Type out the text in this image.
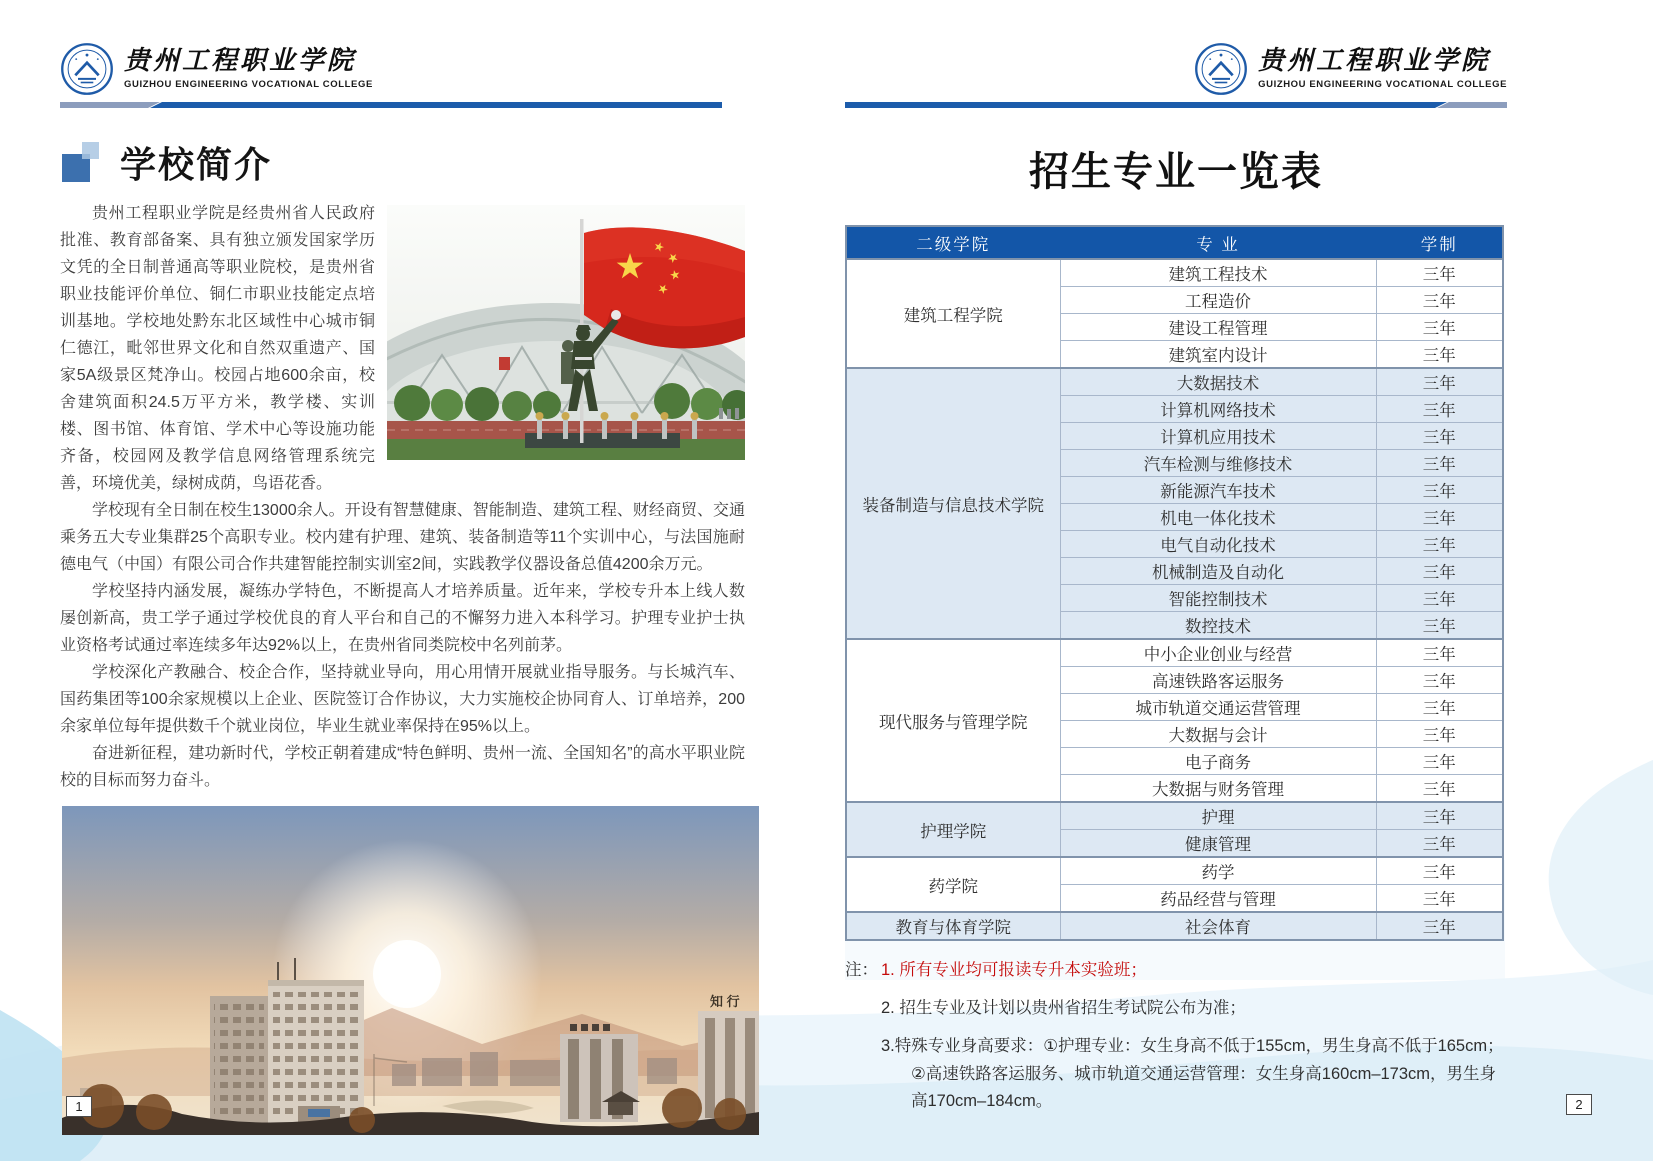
贵州工程职业学院
GUIZHOU ENGINEERING VOCATIONAL COLLEGE
学校简介

贵州工程职业学院是经贵州省人民政府批准、教育部备案、具有独立颁发国家学历文凭的全日制普通高等职业院校，是贵州省职业技能评价单位、铜仁市职业技能定点培训基地。学校地处黔东北区域性中心城市铜仁德江，毗邻世界文化和自然双重遗产、国家5A级景区梵净山。校园占地600余亩，校舍建筑面积24.5万平方米，教学楼、实训楼、图书馆、体育馆、学术中心等设施功能齐备，校园网及教学信息网络管理系统完善，环境优美，绿树成荫，鸟语花香。

学校现有全日制在校生13000余人。开设有智慧健康、智能制造、建筑工程、财经商贸、交通乘务五大专业集群25个高职专业。校内建有护理、建筑、装备制造等11个实训中心，与法国施耐德电气（中国）有限公司合作共建智能控制实训室2间，实践教学仪器设备总值4200余万元。

学校坚持内涵发展，凝练办学特色，不断提高人才培养质量。近年来，学校专升本上线人数屡创新高，贵工学子通过学校优良的育人平台和自己的不懈努力进入本科学习。护理专业护士执业资格考试通过率连续多年达92%以上，在贵州省同类院校中名列前茅。

学校深化产教融合、校企合作，坚持就业导向，用心用情开展就业指导服务。与长城汽车、国药集团等100余家规模以上企业、医院签订合作协议，大力实施校企协同育人、订单培养，200余家单位每年提供数千个就业岗位，毕业生就业率保持在95%以上。

奋进新征程，建功新时代，学校正朝着建成“特色鲜明、贵州一流、全国知名”的高水平职业院校的目标而努力奋斗。

知 行
贵州工程职业学院
GUIZHOU ENGINEERING VOCATIONAL COLLEGE
招生专业一览表
二级学院	专 业	学制
建筑工程学院	建筑工程技术	三年
	工程造价	三年
	建设工程管理	三年
	建筑室内设计	三年
装备制造与信息技术学院	大数据技术	三年
	计算机网络技术	三年
	计算机应用技术	三年
	汽车检测与维修技术	三年
	新能源汽车技术	三年
	机电一体化技术	三年
	电气自动化技术	三年
	机械制造及自动化	三年
	智能控制技术	三年
	数控技术	三年
现代服务与管理学院	中小企业创业与经营	三年
	高速铁路客运服务	三年
	城市轨道交通运营管理	三年
	大数据与会计	三年
	电子商务	三年
	大数据与财务管理	三年
护理学院	护理	三年
	健康管理	三年
药学院	药学	三年
	药品经营与管理	三年
教育与体育学院	社会体育	三年
注： 1. 所有专业均可报读专升本实验班；

2. 招生专业及计划以贵州省招生考试院公布为准；

3.特殊专业身高要求：①护理专业：女生身高不低于155cm，男生身高不低于165cm；②高速铁路客运服务、城市轨道交通运营管理：女生身高160cm–173cm，男生身高170cm–184cm。

1	2
